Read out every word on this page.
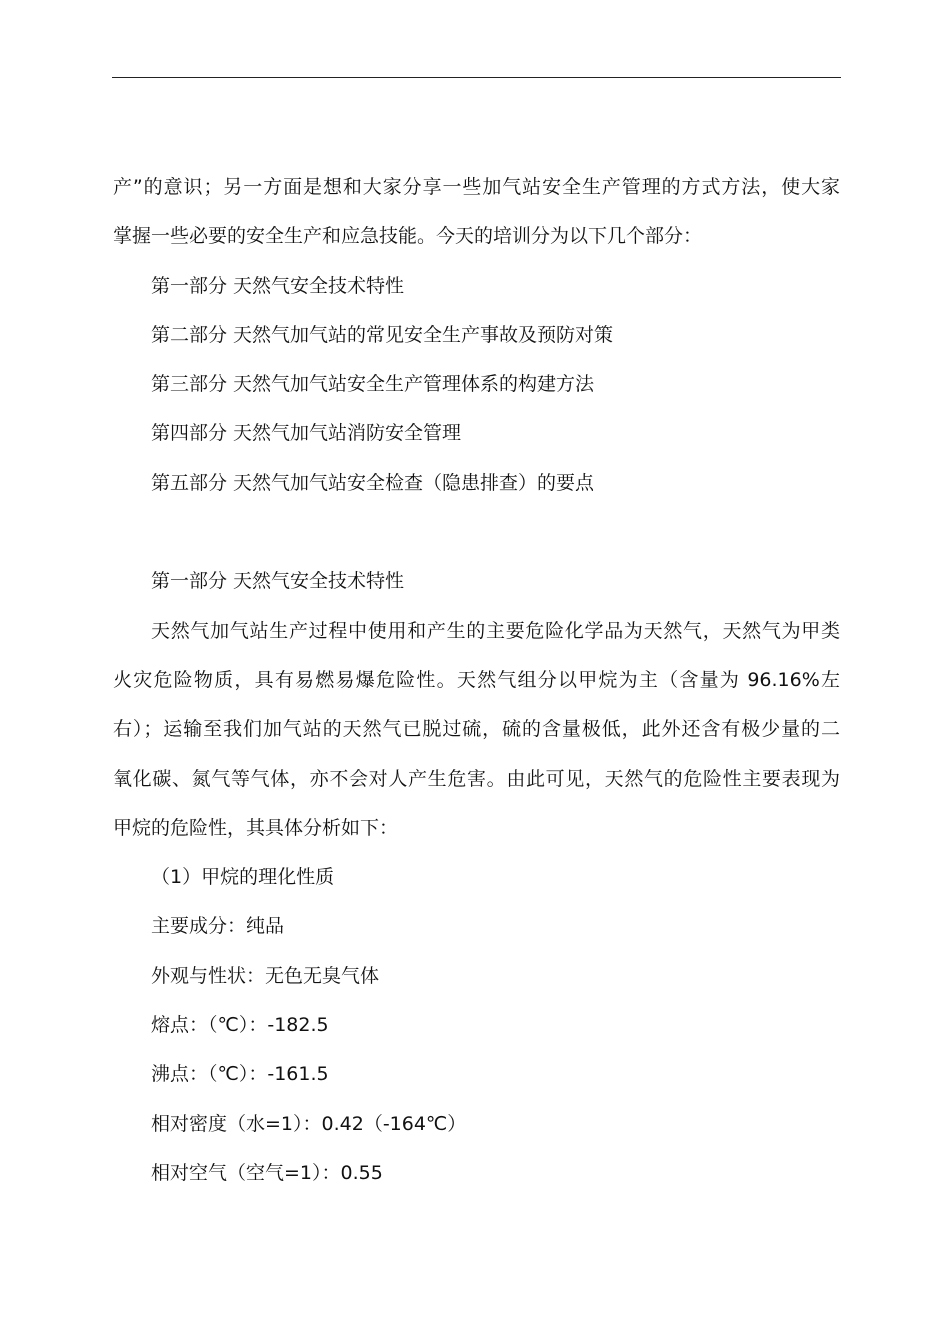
产”的意识；另一方面是想和大家分享一些加气站安全生产管理的方式方法，使大家
掌握一些必要的安全生产和应急技能。今天的培训分为以下几个部分：
第一部分 天然气安全技术特性
第二部分 天然气加气站的常见安全生产事故及预防对策
第三部分 天然气加气站安全生产管理体系的构建方法
第四部分 天然气加气站消防安全管理
第五部分 天然气加气站安全检查（隐患排查）的要点
第一部分 天然气安全技术特性
天然气加气站生产过程中使用和产生的主要危险化学品为天然气，天然气为甲类
火灾危险物质，具有易燃易爆危险性。天然气组分以甲烷为主（含量为 96.16%左
右）；运输至我们加气站的天然气已脱过硫，硫的含量极低，此外还含有极少量的二
氧化碳、氮气等气体，亦不会对人产生危害。由此可见，天然气的危险性主要表现为
甲烷的危险性，其具体分析如下：
（1）甲烷的理化性质
主要成分：纯品
外观与性状：无色无臭气体
熔点：（℃）：-182.5
沸点：（℃）：-161.5
相对密度（水=1）：0.42（-164℃）
相对空气（空气=1）：0.55
